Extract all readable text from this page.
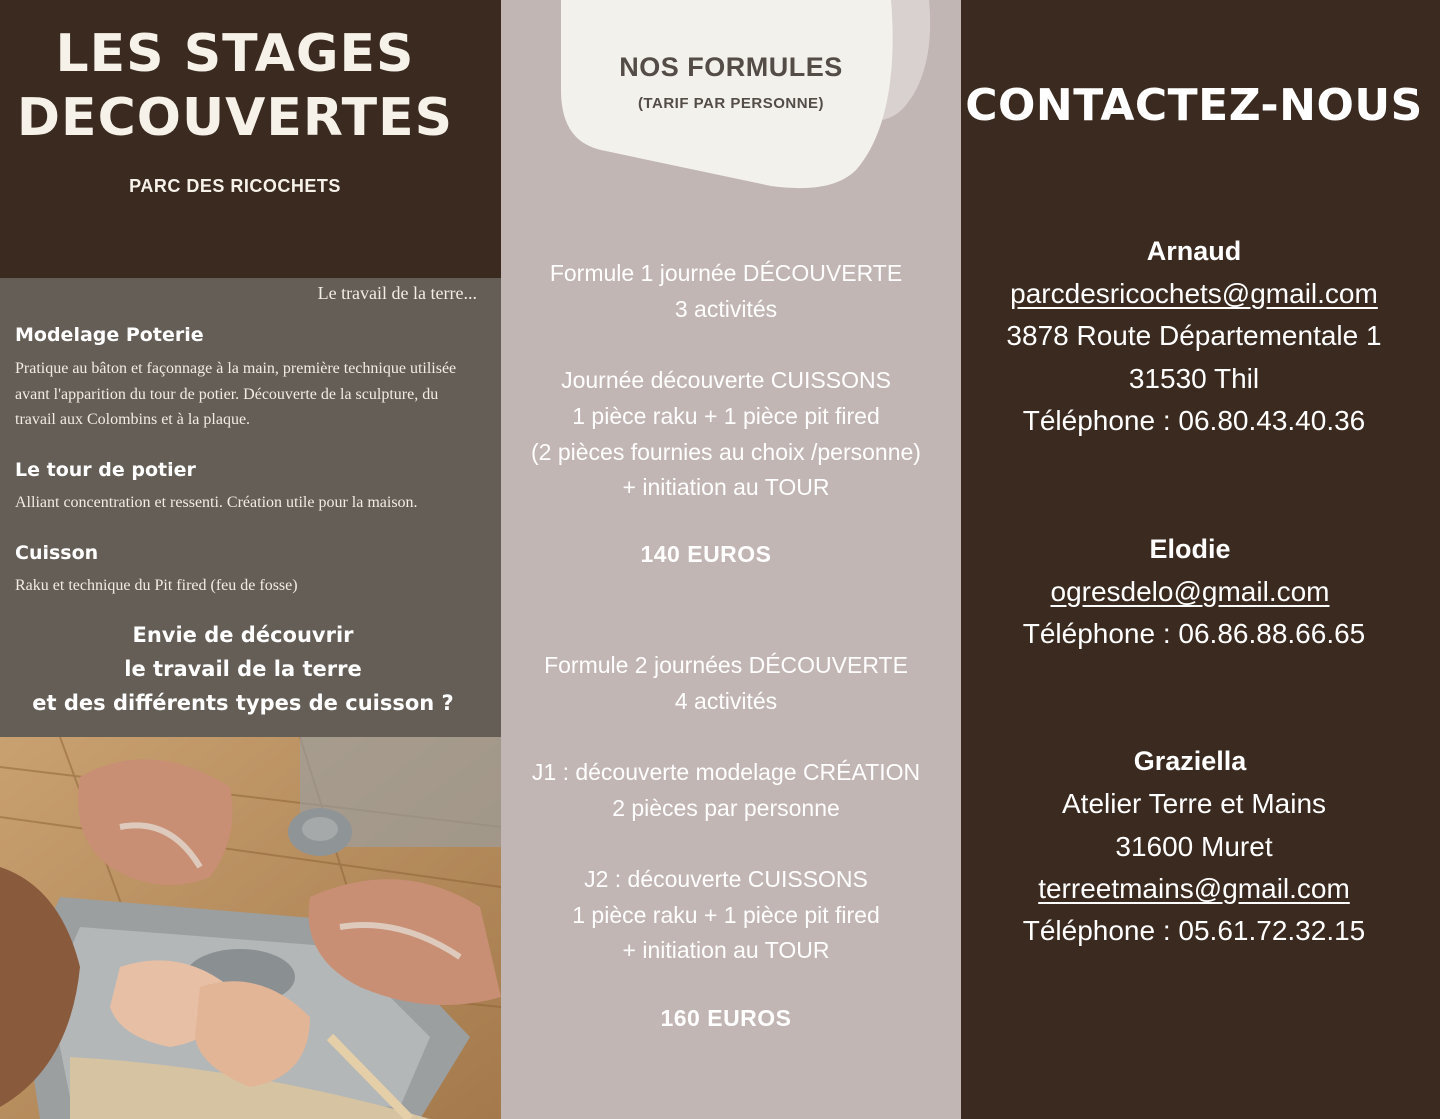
LES STAGES
DECOUVERTES
PARC DES RICOCHETS
Le travail de la terre...
Modelage Poterie
Pratique au bâton et façonnage à la main, première technique utilisée avant l'apparition du tour de potier. Découverte de la sculpture, du travail aux Colombins et à la plaque.
Le tour de potier
Alliant concentration et ressenti. Création utile pour la maison.
Cuisson
Raku et technique du Pit fired (feu de fosse)
Envie de découvrir
le travail de la terre
et des différents types de cuisson ?
NOS FORMULES
(TARIF PAR PERSONNE)
Formule 1 journée DÉCOUVERTE
3 activités
Journée découverte CUISSONS
1 pièce raku + 1 pièce pit fired
(2 pièces fournies au choix /personne)
+ initiation au TOUR
140 EUROS
Formule 2 journées DÉCOUVERTE
4 activités
J1 : découverte modelage CRÉATION
2 pièces par personne
J2 : découverte CUISSONS
1 pièce raku + 1 pièce pit fired
+ initiation au TOUR
160 EUROS
CONTACTEZ-NOUS
Arnaud
parcdesricochets@gmail.com
3878 Route Départementale 1
31530 Thil
Téléphone : 06.80.43.40.36
Elodie
ogresdelo@gmail.com
Téléphone : 06.86.88.66.65
Graziella
Atelier Terre et Mains
31600 Muret
terreetmains@gmail.com
Téléphone : 05.61.72.32.15
